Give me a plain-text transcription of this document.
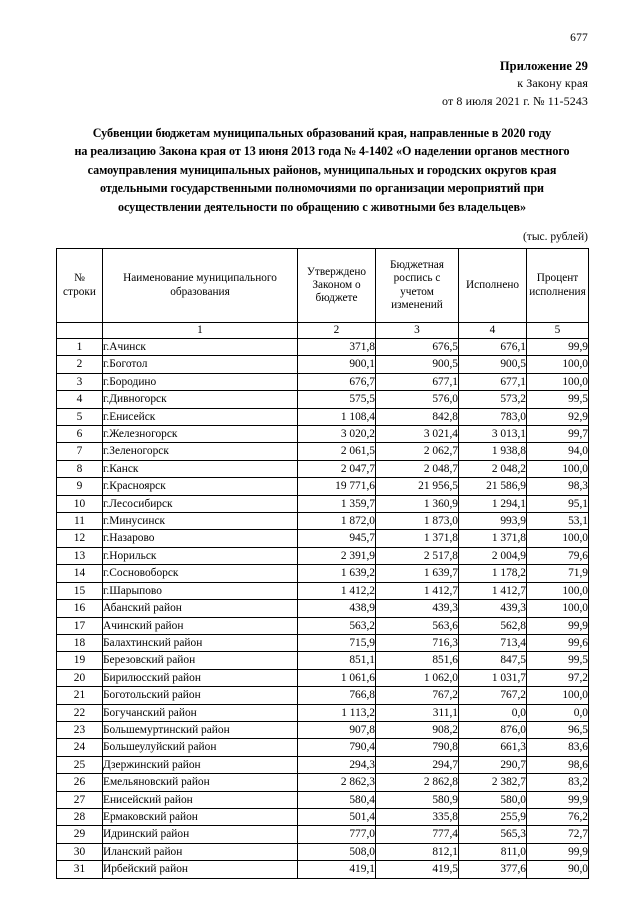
677
Приложение 29
к Закону края
от 8 июля 2021 г. № 11-5243

Субвенции бюджетам муниципальных образований края, направленные в 2020 году

на реализацию Закона края от 13 июня 2013 года № 4-1402 «О наделении органов местного

самоуправления муниципальных районов, муниципальных и городских округов края

отдельными государственными полномочиями по организации мероприятий при

осуществлении деятельности по обращению с животными без владельцев»

(тыс. рублей)
№
строки	Наименование муниципального
образования	Утверждено
Законом о
бюджете	Бюджетная
роспись с
учетом
изменений	Исполнено	Процент
исполнения
	1	2	3	4	5
1	г.Ачинск	371,8	676,5	676,1	99,9
2	г.Боготол	900,1	900,5	900,5	100,0
3	г.Бородино	676,7	677,1	677,1	100,0
4	г.Дивногорск	575,5	576,0	573,2	99,5
5	г.Енисейск	1 108,4	842,8	783,0	92,9
6	г.Железногорск	3 020,2	3 021,4	3 013,1	99,7
7	г.Зеленогорск	2 061,5	2 062,7	1 938,8	94,0
8	г.Канск	2 047,7	2 048,7	2 048,2	100,0
9	г.Красноярск	19 771,6	21 956,5	21 586,9	98,3
10	г.Лесосибирск	1 359,7	1 360,9	1 294,1	95,1
11	г.Минусинск	1 872,0	1 873,0	993,9	53,1
12	г.Назарово	945,7	1 371,8	1 371,8	100,0
13	г.Норильск	2 391,9	2 517,8	2 004,9	79,6
14	г.Сосновоборск	1 639,2	1 639,7	1 178,2	71,9
15	г.Шарыпово	1 412,2	1 412,7	1 412,7	100,0
16	Абанский район	438,9	439,3	439,3	100,0
17	Ачинский район	563,2	563,6	562,8	99,9
18	Балахтинский район	715,9	716,3	713,4	99,6
19	Березовский район	851,1	851,6	847,5	99,5
20	Бирилюсский район	1 061,6	1 062,0	1 031,7	97,2
21	Боготольский район	766,8	767,2	767,2	100,0
22	Богучанский район	1 113,2	311,1	0,0	0,0
23	Большемуртинский район	907,8	908,2	876,0	96,5
24	Большеулуйский район	790,4	790,8	661,3	83,6
25	Дзержинский район	294,3	294,7	290,7	98,6
26	Емельяновский район	2 862,3	2 862,8	2 382,7	83,2
27	Енисейский район	580,4	580,9	580,0	99,9
28	Ермаковский район	501,4	335,8	255,9	76,2
29	Идринский район	777,0	777,4	565,3	72,7
30	Иланский район	508,0	812,1	811,0	99,9
31	Ирбейский район	419,1	419,5	377,6	90,0
